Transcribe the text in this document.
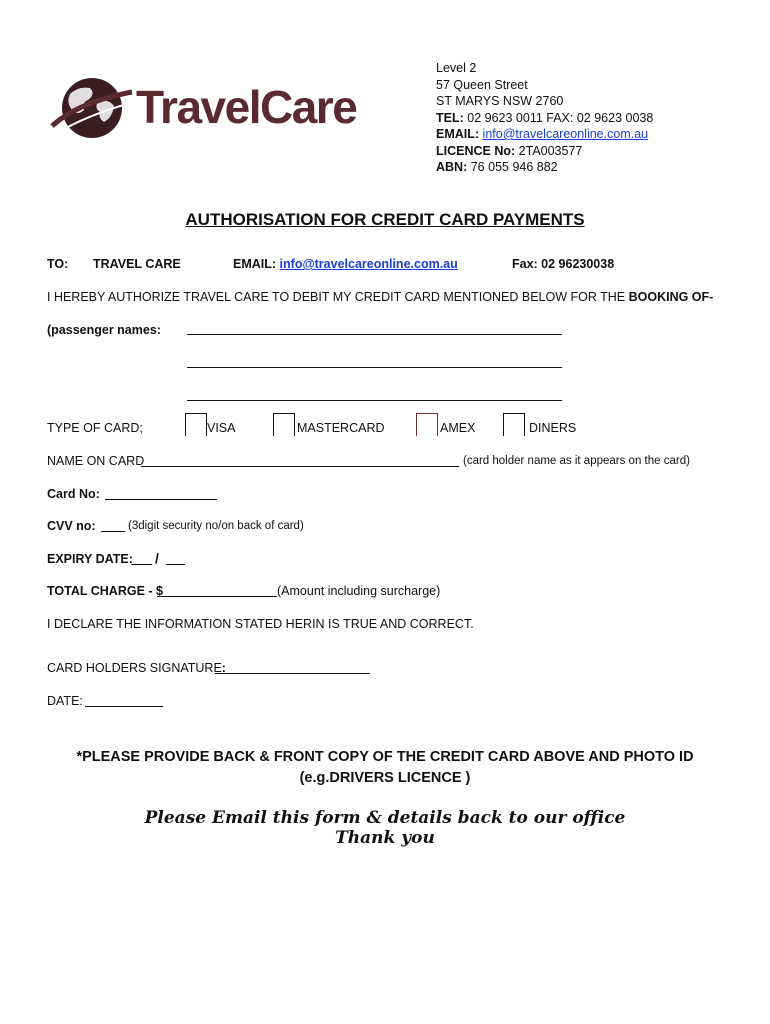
TravelCare
Level 2
57 Queen Street
ST MARYS NSW 2760
TEL: 02 9623 0011 FAX: 02 9623 0038
EMAIL: info@travelcareonline.com.au
LICENCE No: 2TA003577
ABN: 76 055 946 882
AUTHORISATION FOR CREDIT CARD PAYMENTS
TO: TRAVEL CARE	EMAIL: info@travelcareonline.com.au	Fax: 02 96230038
I HEREBY AUTHORIZE TRAVEL CARE TO DEBIT MY CREDIT CARD MENTIONED BELOW FOR THE BOOKING OF-
(passenger names:
TYPE OF CARD;	VISA	MASTERCARD	AMEX	DINERS
NAME ON CARD	(card holder name as it appears on the card)
Card No:
CVV no:	(3digit security no/on back of card)
EXPIRY DATE: /
TOTAL CHARGE - $	(Amount including surcharge)
I DECLARE THE INFORMATION STATED HERIN IS TRUE AND CORRECT.
CARD HOLDERS SIGNATURE:
DATE:
*PLEASE PROVIDE BACK & FRONT COPY OF THE CREDIT CARD ABOVE AND PHOTO ID
(e.g.DRIVERS LICENCE )
Please Email this form & details back to our office
Thank you
